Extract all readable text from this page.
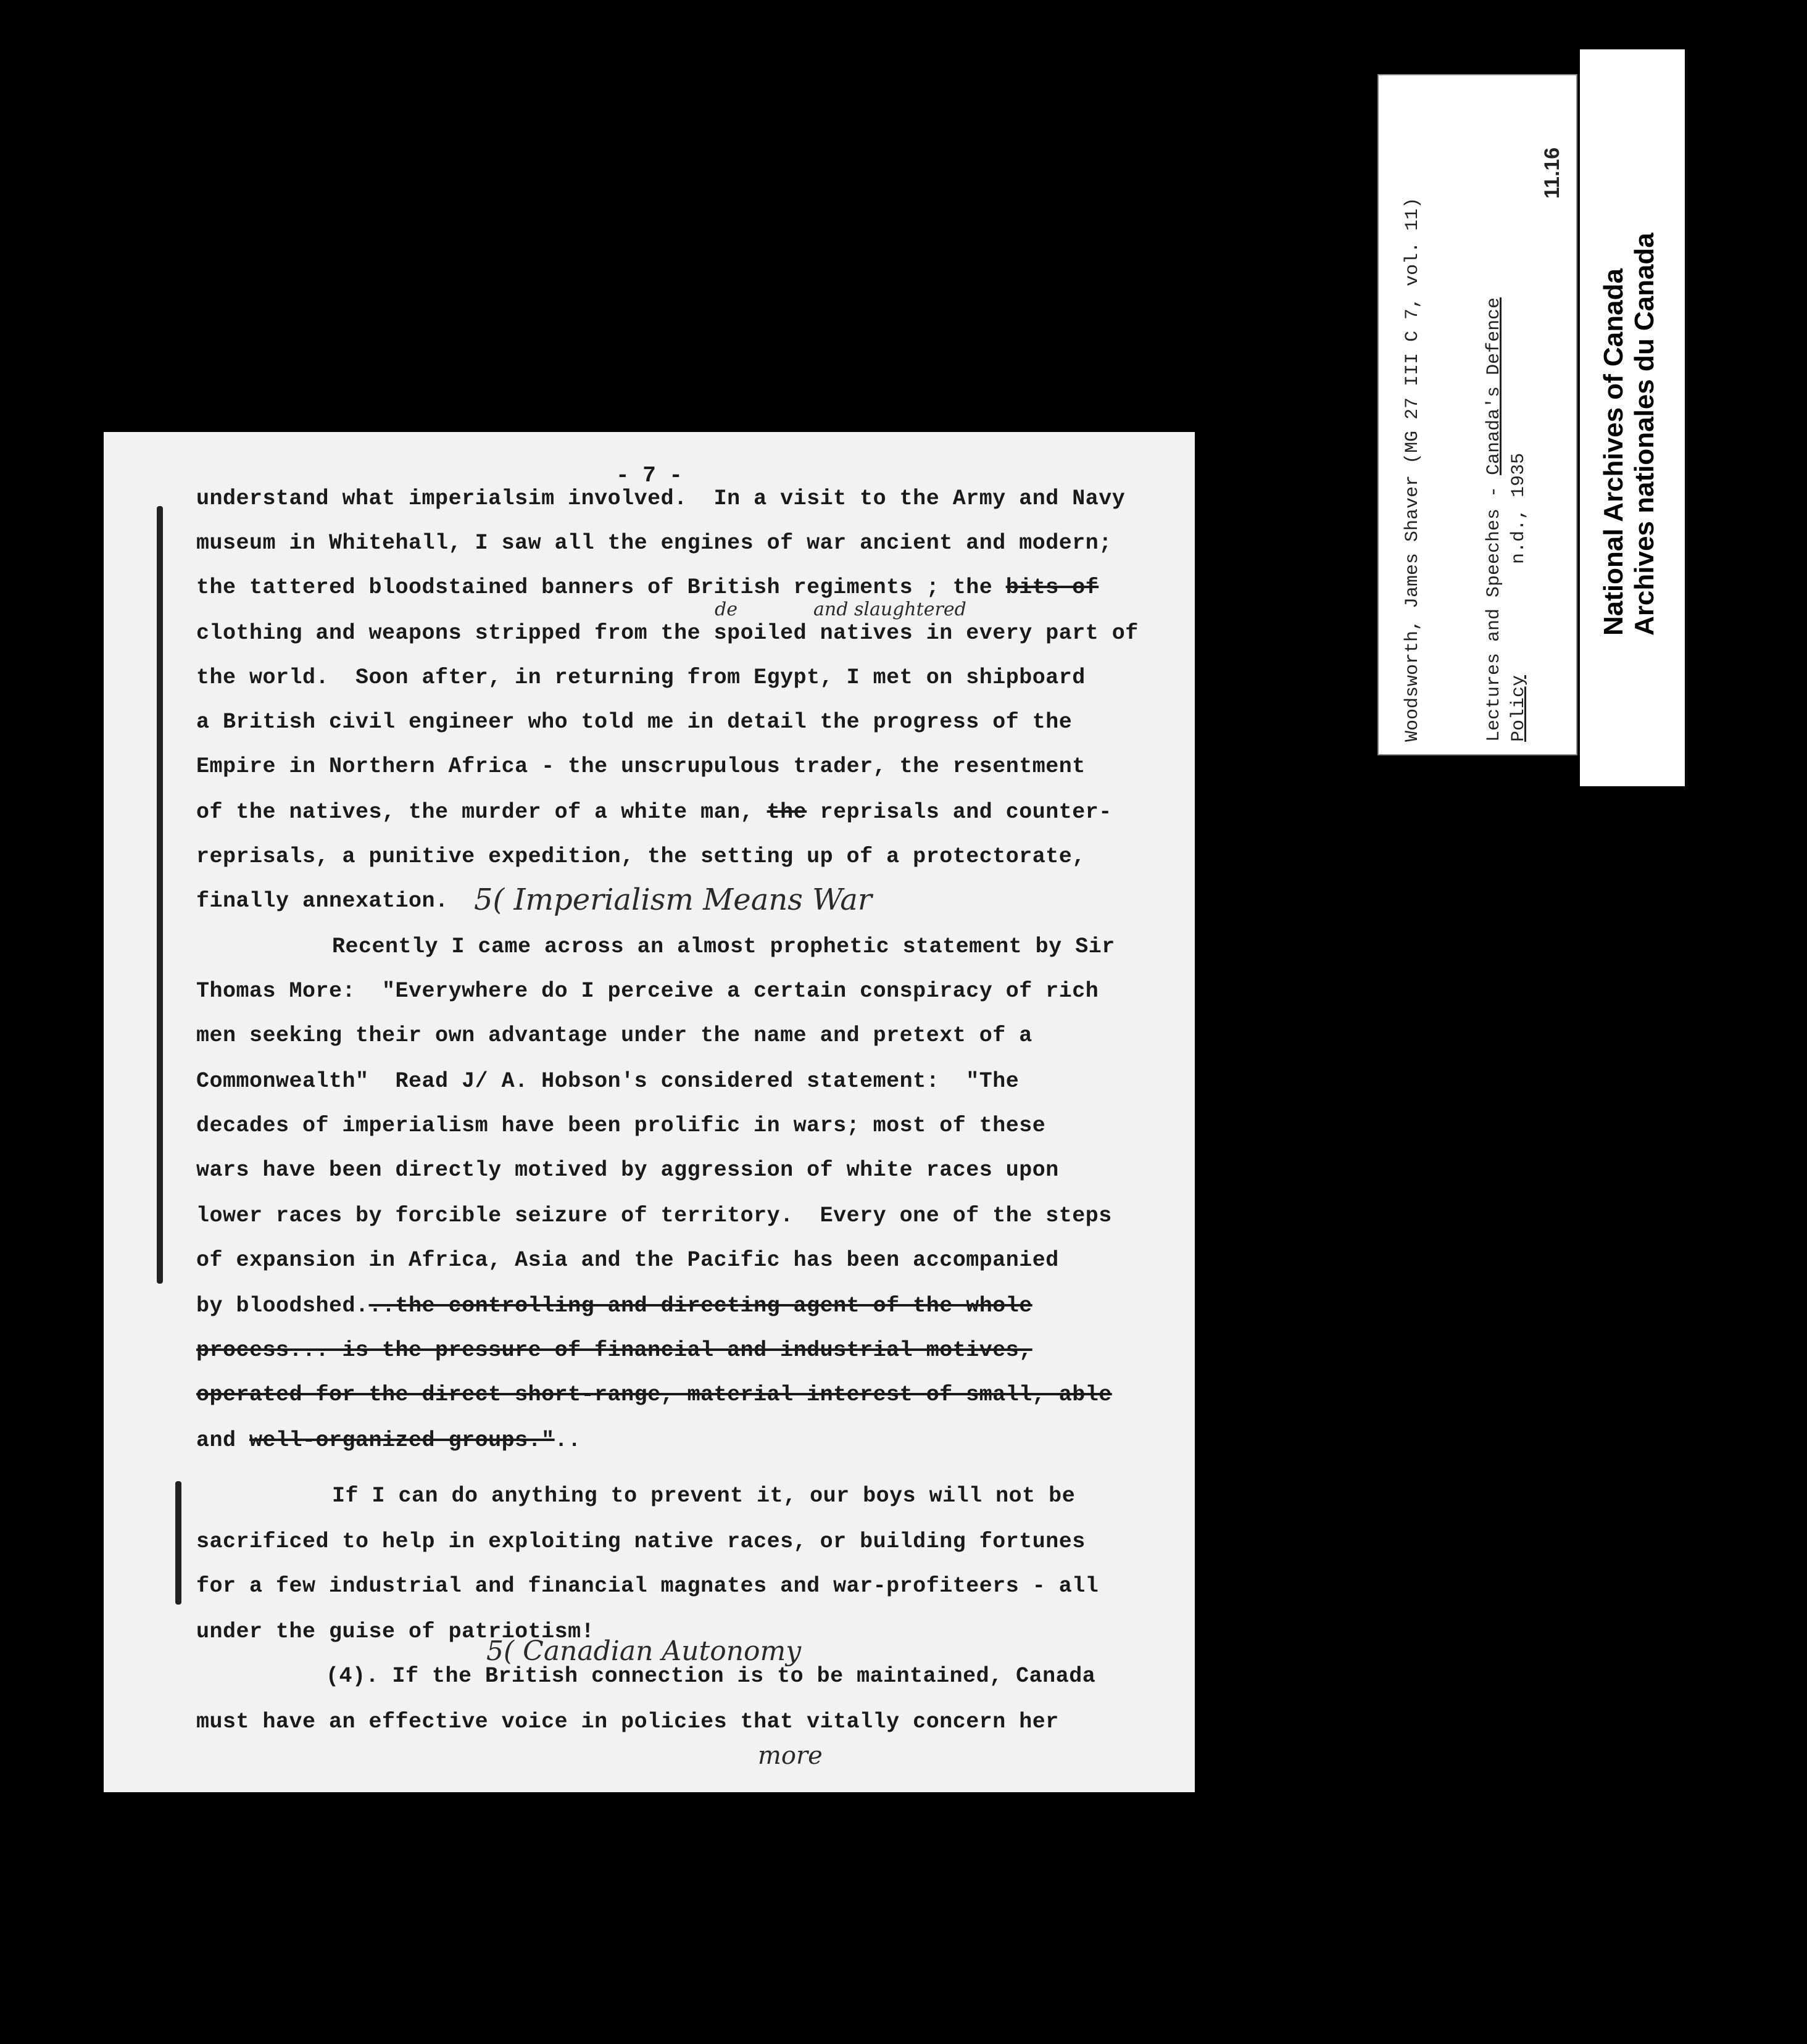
- 7 -
understand what imperialsim involved.  In a visit to the Army and Navy
museum in Whitehall, I saw all the engines of war ancient and modern;
the tattered bloodstained banners of British regiments ; the bits of
de	and slaughtered
clothing and weapons stripped from the spoiled natives in every part of
the world.  Soon after, in returning from Egypt, I met on shipboard
a British civil engineer who told me in detail the progress of the
Empire in Northern Africa - the unscrupulous trader, the resentment
of the natives, the murder of a white man, the reprisals and counter-
reprisals, a punitive expedition, the setting up of a protectorate,
finally annexation. 5( Imperialism Means War
Recently I came across an almost prophetic statement by Sir
Thomas More:  "Everywhere do I perceive a certain conspiracy of rich
men seeking their own advantage under the name and pretext of a
Commonwealth"  Read J/ A. Hobson's considered statement:  "The
decades of imperialism have been prolific in wars; most of these
wars have been directly motived by aggression of white races upon
lower races by forcible seizure of territory.  Every one of the steps
of expansion in Africa, Asia and the Pacific has been accompanied
by bloodshed...the controlling and directing agent of the whole
process... is the pressure of financial and industrial motives,
operated for the direct short-range, material interest of small, able
and well-organized groups."..
If I can do anything to prevent it, our boys will not be
sacrificed to help in exploiting native races, or building fortunes
for a few industrial and financial magnates and war-profiteers - all
under the guise of patriotism!
5( Canadian Autonomy
(4). If the British connection is to be maintained, Canada
must have an effective voice in policies that vitally concern her
more
Woodsworth, James Shaver (MG 27 III C 7, vol. 11)	Lectures and Speeches - Canada's Defence
Policy          n.d., 1935
11.16
National Archives of Canada
Archives nationales du Canada
